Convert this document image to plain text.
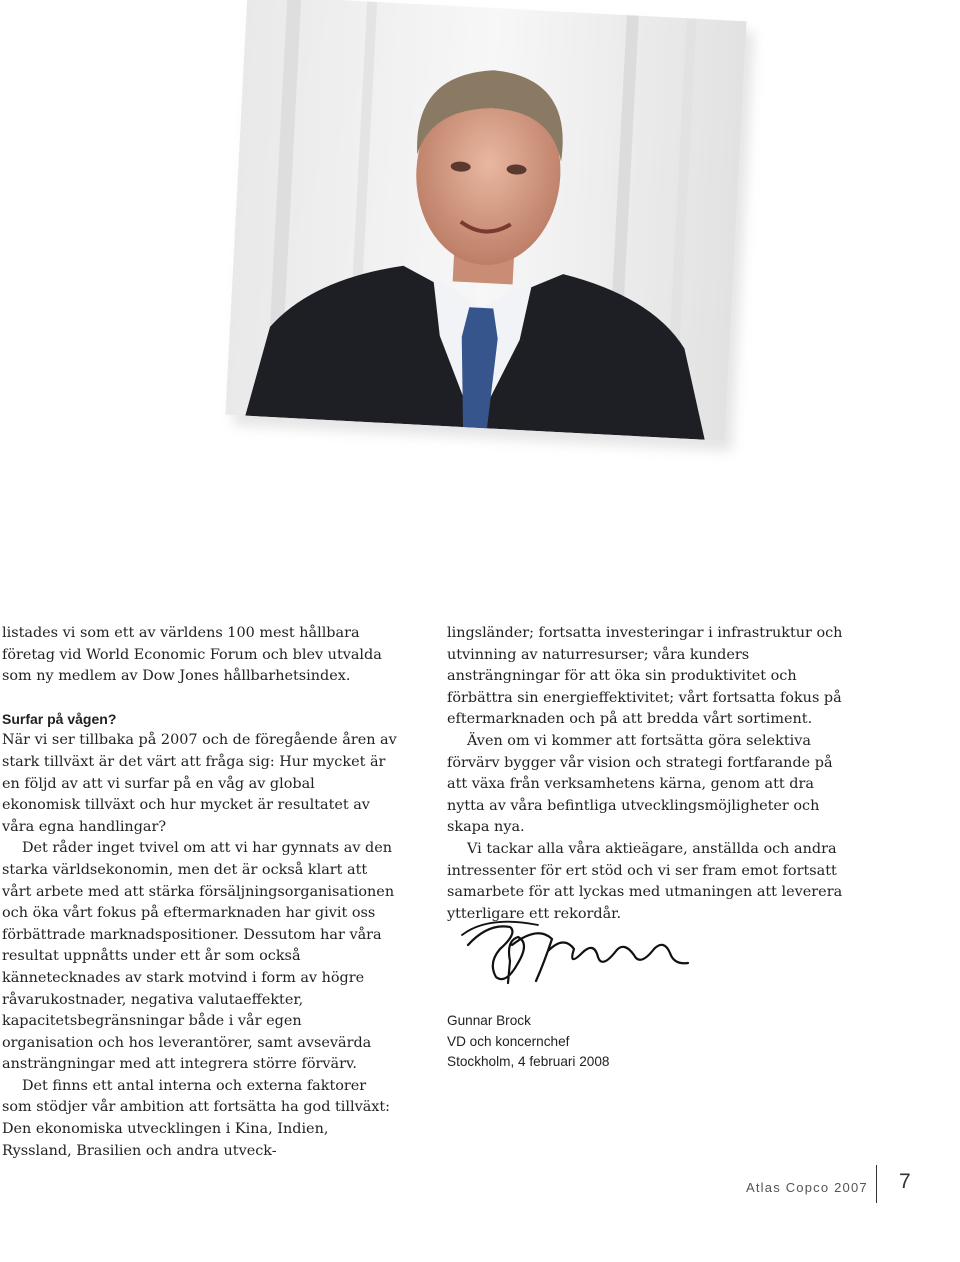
listades vi som ett av världens 100 mest hållbara företag vid World Economic Forum och blev utvalda som ny medlem av Dow Jones hållbarhetsindex.

Surfar på vågen?

När vi ser tillbaka på 2007 och de föregående åren av stark tillväxt är det värt att fråga sig: Hur mycket är en följd av att vi surfar på en våg av global ekonomisk tillväxt och hur mycket är resultatet av våra egna handlingar?

Det råder inget tvivel om att vi har gynnats av den starka världsekonomin, men det är också klart att vårt arbete med att stärka försäljningsorganisationen och öka vårt fokus på eftermarknaden har givit oss förbättrade marknadspositioner. Dessutom har våra resultat uppnåtts under ett år som också kännetecknades av stark motvind i form av högre råvarukostnader, negativa valutaeffekter, kapacitetsbegränsningar både i vår egen organisation och hos leverantörer, samt avsevärda ansträngningar med att integrera större förvärv.

Det finns ett antal interna och externa faktorer som stödjer vår ambition att fortsätta ha god tillväxt: Den ekonomiska utvecklingen i Kina, Indien, Ryssland, Brasilien och andra utveck-

lingsländer; fortsatta investeringar i infrastruktur och utvinning av naturresurser; våra kunders ansträngningar för att öka sin produktivitet och förbättra sin energieffektivitet; vårt fortsatta fokus på eftermarknaden och på att bredda vårt sortiment.

Även om vi kommer att fortsätta göra selektiva förvärv bygger vår vision och strategi fortfarande på att växa från verksamhetens kärna, genom att dra nytta av våra befintliga utvecklingsmöjligheter och skapa nya.

Vi tackar alla våra aktieägare, anställda och andra intressenter för ert stöd och vi ser fram emot fortsatt samarbete för att lyckas med utmaningen att leverera ytterligare ett rekordår.

Gunnar Brock
VD och koncernchef
Stockholm, 4 februari 2008
Atlas Copco 2007 7
